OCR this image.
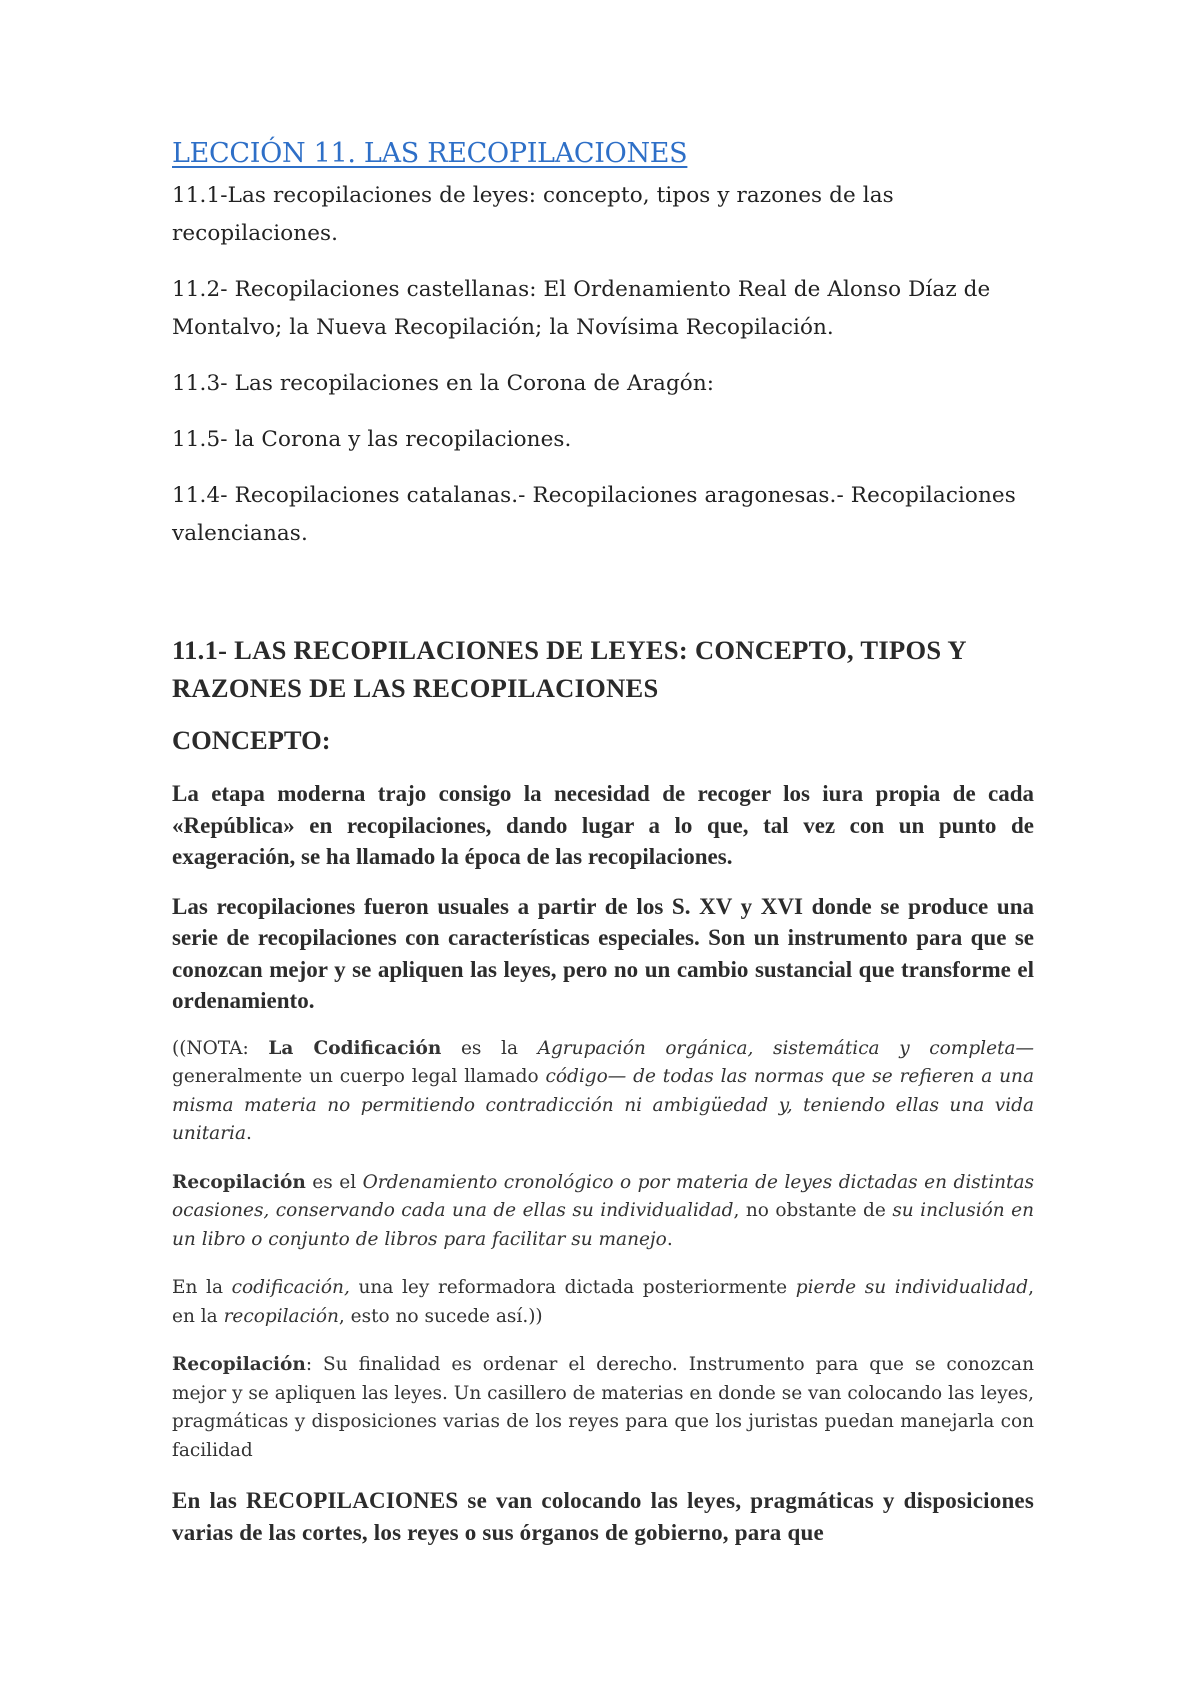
LECCIÓN 11. LAS RECOPILACIONES

11.1-Las recopilaciones de leyes: concepto, tipos y razones de las recopilaciones.

11.2- Recopilaciones castellanas: El Ordenamiento Real de Alonso Díaz de Montalvo; la Nueva Recopilación; la Novísima Recopilación.

11.3- Las recopilaciones en la Corona de Aragón:

11.5- la Corona y las recopilaciones.

11.4- Recopilaciones catalanas.- Recopilaciones aragonesas.- Recopilaciones valencianas.

11.1- LAS RECOPILACIONES DE LEYES: CONCEPTO, TIPOS Y RAZONES DE LAS RECOPILACIONES
CONCEPTO:

La etapa moderna trajo consigo la necesidad de recoger los iura propia de cada «República» en recopilaciones, dando lugar a lo que, tal vez con un punto de exageración, se ha llamado la época de las recopilaciones.

Las recopilaciones fueron usuales a partir de los S. XV y XVI donde se produce una serie de recopilaciones con características especiales. Son un instrumento para que se conozcan mejor y se apliquen las leyes, pero no un cambio sustancial que transforme el ordenamiento.

((NOTA: La Codificación es la Agrupación orgánica, sistemática y completa— generalmente un cuerpo legal llamado código— de todas las normas que se refieren a una misma materia no permitiendo contradicción ni ambigüedad y, teniendo ellas una vida unitaria.

Recopilación es el Ordenamiento cronológico o por materia de leyes dictadas en distintas ocasiones, conservando cada una de ellas su individualidad, no obstante de su inclusión en un libro o conjunto de libros para facilitar su manejo.

En la codificación, una ley reformadora dictada posteriormente pierde su individualidad, en la recopilación, esto no sucede así.))

Recopilación: Su finalidad es ordenar el derecho. Instrumento para que se conozcan mejor y se apliquen las leyes. Un casillero de materias en donde se van colocando las leyes, pragmáticas y disposiciones varias de los reyes para que los juristas puedan manejarla con facilidad

En las RECOPILACIONES se van colocando las leyes, pragmáticas y disposiciones varias de las cortes, los reyes o sus órganos de gobierno, para que
